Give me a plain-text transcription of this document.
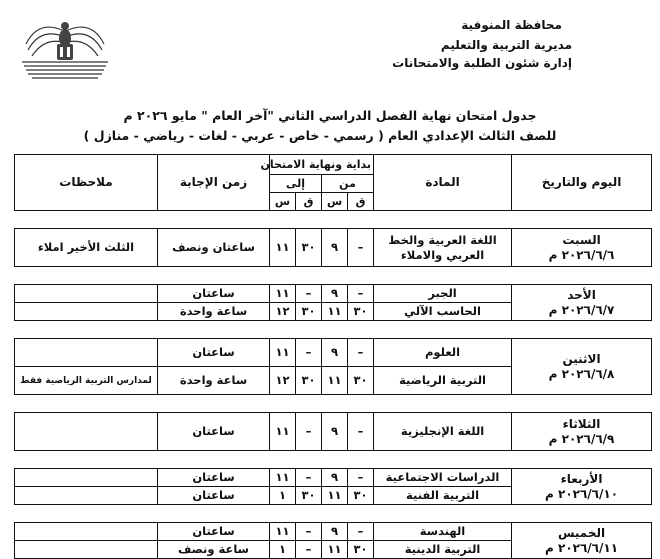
محافظة المنوفية
مديرية التربية والتعليم
إدارة شئون الطلبة والامتحانات
جدول امتحان نهاية الفصل الدراسي الثاني "آخر العام " مايو ٢٠٢٦ م
للصف الثالث الإعدادي العام ( رسمي - خاص - عربي - لغات - رياضي - منازل )
اليوم والتاريخ	المادة	بداية ونهاية الامتحان				زمن الإجابة	ملاحظات
		من		إلى			
		ق	س	ق	س		

السبت
٢٠٢٦/٦/٦ م	اللغة العربية والخط العربي والاملاء	–	٩	٣٠	١١	ساعتان ونصف	الثلث الأخير املاء

الأحد
٢٠٢٦/٦/٧ م	الجبر	–	٩	–	١١	ساعتان	
	الحاسب الآلي	٣٠	١١	٣٠	١٢	ساعة واحدة	

الاثنين
٢٠٢٦/٦/٨ م	العلوم	–	٩	–	١١	ساعتان	
	التربية الرياضية	٣٠	١١	٣٠	١٢	ساعة واحدة	لمدارس التربية الرياضية فقط

الثلاثاء
٢٠٢٦/٦/٩ م	اللغة الإنجليزية	–	٩	–	١١	ساعتان	

الأربعاء
٢٠٢٦/٦/١٠ م	الدراسات الاجتماعية	–	٩	–	١١	ساعتان	
	التربية الفنية	٣٠	١١	٣٠	١	ساعتان	

الخميس
٢٠٢٦/٦/١١ م	الهندسة	–	٩	–	١١	ساعتان	
	التربية الدينية	٣٠	١١	–	١	ساعة ونصف	
